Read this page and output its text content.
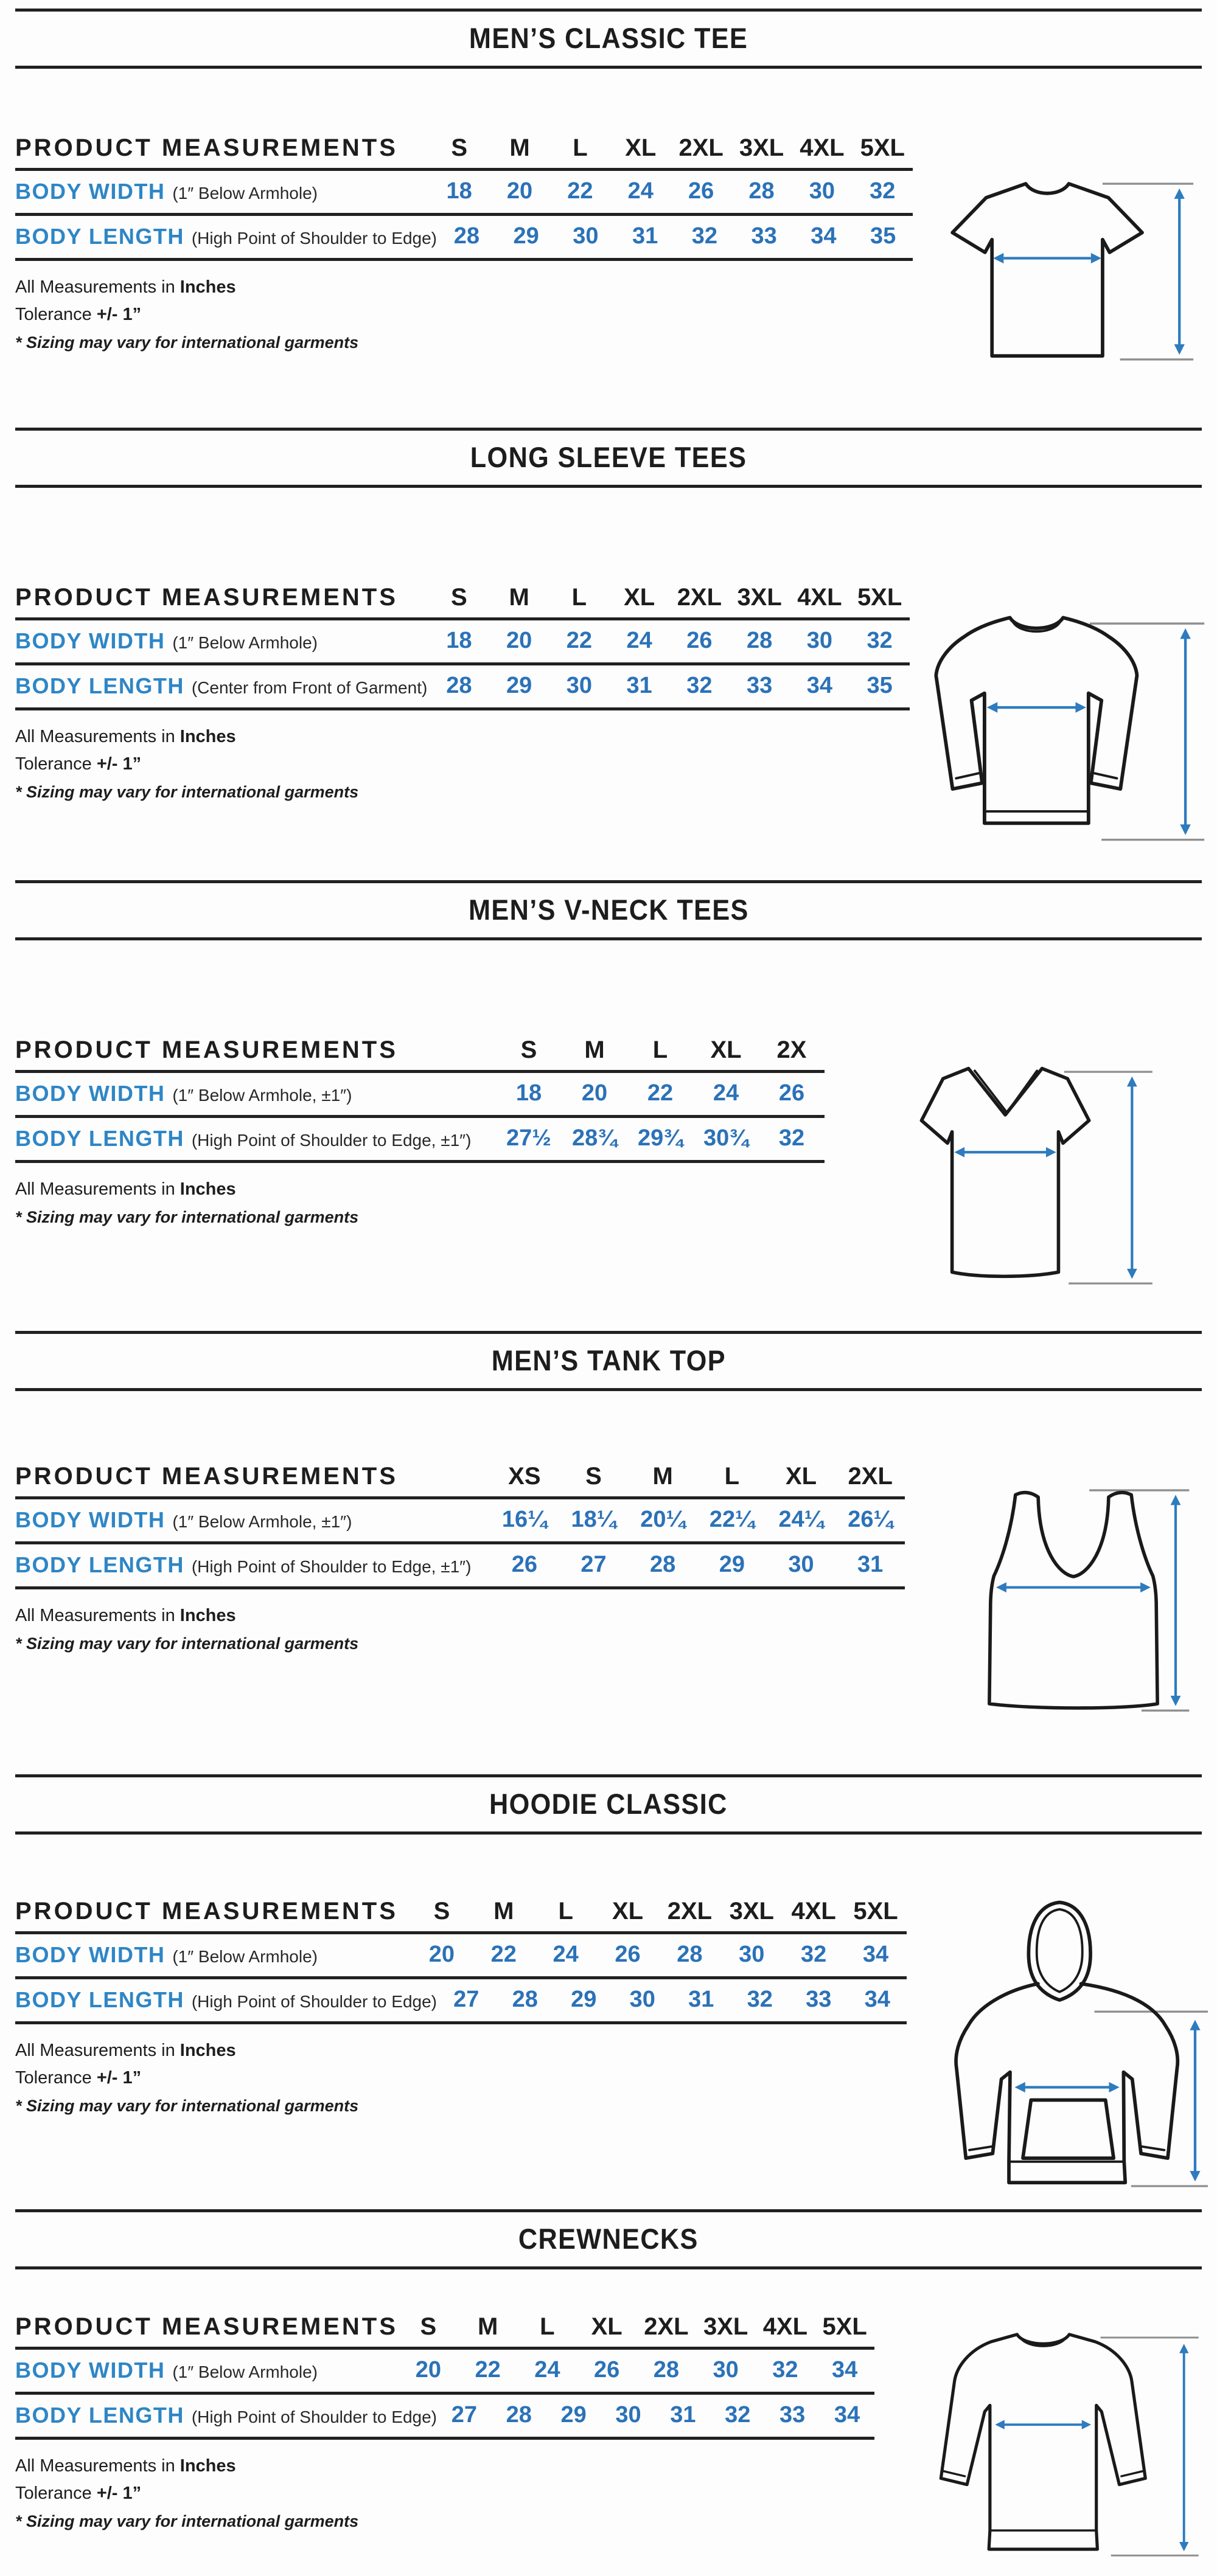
MEN’S CLASSIC TEE
PRODUCT MEASUREMENTS	S	M	L	XL 2XL 3XL 4XL 5XL
BODY WIDTH (1″ Below Armhole)	18	20	22	24	26	28	30	32
BODY LENGTH (High Point of Shoulder to Edge) 28	29	30	31	32	33	34	35

All Measurements in Inches

Tolerance +/- 1”

* Sizing may vary for international garments

LONG SLEEVE TEES
PRODUCT MEASUREMENTS	S	M	L	XL 2XL 3XL 4XL 5XL
BODY WIDTH (1″ Below Armhole)	18	20	22	24	26	28	30	32
BODY LENGTH (Center from Front of Garment) 28	29	30	31	32	33	34	35

All Measurements in Inches

Tolerance +/- 1”

* Sizing may vary for international garments

MEN’S V-NECK TEES
PRODUCT MEASUREMENTS	S	M	L	XL	2X
BODY WIDTH (1″ Below Armhole, ±1″)	18	20	22	24	26
BODY LENGTH (High Point of Shoulder to Edge, ±1″)	27½ 28¾ 29¾ 30¾	32

All Measurements in Inches

* Sizing may vary for international garments

MEN’S TANK TOP
PRODUCT MEASUREMENTS	XS	S	M	L	XL	2XL
BODY WIDTH (1″ Below Armhole, ±1″)	16¼	18¼	20¼	22¼	24¼	26¼
BODY LENGTH (High Point of Shoulder to Edge, ±1″)	26	27	28	29	30	31

All Measurements in Inches

* Sizing may vary for international garments

HOODIE CLASSIC
PRODUCT MEASUREMENTS	S	M	L	XL 2XL 3XL 4XL 5XL
BODY WIDTH (1″ Below Armhole)	20	22	24	26	28	30	32	34
BODY LENGTH (High Point of Shoulder to Edge) 27	28	29	30	31	32	33	34

All Measurements in Inches

Tolerance +/- 1”

* Sizing may vary for international garments

CREWNECKS
PRODUCT MEASUREMENTS S	M	L	XL 2XL 3XL 4XL 5XL
BODY WIDTH (1″ Below Armhole)	20	22	24	26	28	30	32	34
BODY LENGTH (High Point of Shoulder to Edge) 27	28	29	30	31	32	33	34

All Measurements in Inches

Tolerance +/- 1”

* Sizing may vary for international garments
